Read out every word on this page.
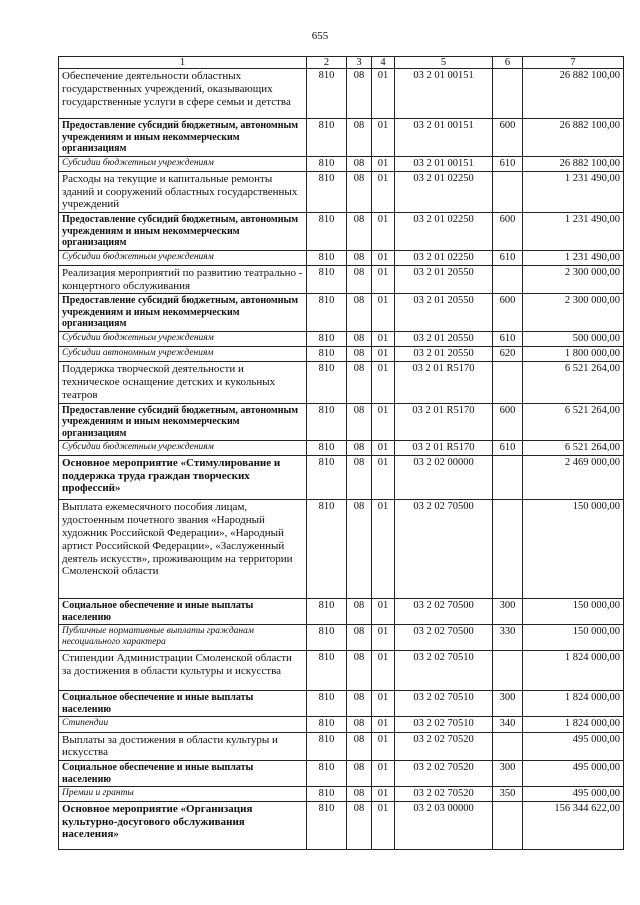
655
1	2	3	4	5	6	7
Обеспечение деятельности областных государственных учреждений, оказывающих государственные услуги в сфере семьи и детства	810	08	01	03 2 01 00151		26 882 100,00
Предоставление субсидий бюджетным, автономным учреждениям и иным некоммерческим организациям	810	08	01	03 2 01 00151	600	26 882 100,00
Субсидии бюджетным учреждениям	810	08	01	03 2 01 00151	610	26 882 100,00
Расходы на текущие и капитальные ремонты зданий и сооружений областных государственных учреждений	810	08	01	03 2 01 02250		1 231 490,00
Предоставление субсидий бюджетным, автономным учреждениям и иным некоммерческим организациям	810	08	01	03 2 01 02250	600	1 231 490,00
Субсидии бюджетным учреждениям	810	08	01	03 2 01 02250	610	1 231 490,00
Реализация мероприятий по развитию театрально - концертного обслуживания	810	08	01	03 2 01 20550		2 300 000,00
Предоставление субсидий бюджетным, автономным учреждениям и иным некоммерческим организациям	810	08	01	03 2 01 20550	600	2 300 000,00
Субсидии бюджетным учреждениям	810	08	01	03 2 01 20550	610	500 000,00
Субсидии автономным учреждениям	810	08	01	03 2 01 20550	620	1 800 000,00
Поддержка творческой деятельности и техническое оснащение детских и кукольных театров	810	08	01	03 2 01 R5170		6 521 264,00
Предоставление субсидий бюджетным, автономным учреждениям и иным некоммерческим организациям	810	08	01	03 2 01 R5170	600	6 521 264,00
Субсидии бюджетным учреждениям	810	08	01	03 2 01 R5170	610	6 521 264,00
Основное мероприятие «Стимулирование и поддержка труда граждан творческих профессий»	810	08	01	03 2 02 00000		2 469 000,00
Выплата ежемесячного пособия лицам, удостоенным почетного звания «Народный художник Российской Федерации», «Народный артист Российской Федерации», «Заслуженный деятель искусств», проживающим на территории Смоленской области	810	08	01	03 2 02 70500		150 000,00
Социальное обеспечение и иные выплаты населению	810	08	01	03 2 02 70500	300	150 000,00
Публичные нормативные выплаты гражданам несоциального характера	810	08	01	03 2 02 70500	330	150 000,00
Стипендии Администрации Смоленской области за достижения в области культуры и искусства	810	08	01	03 2 02 70510		1 824 000,00
Социальное обеспечение и иные выплаты населению	810	08	01	03 2 02 70510	300	1 824 000,00
Стипендии	810	08	01	03 2 02 70510	340	1 824 000,00
Выплаты за достижения в области культуры и искусства	810	08	01	03 2 02 70520		495 000,00
Социальное обеспечение и иные выплаты населению	810	08	01	03 2 02 70520	300	495 000,00
Премии и гранты	810	08	01	03 2 02 70520	350	495 000,00
Основное мероприятие «Организация культурно-досугового обслуживания населения»	810	08	01	03 2 03 00000		156 344 622,00
